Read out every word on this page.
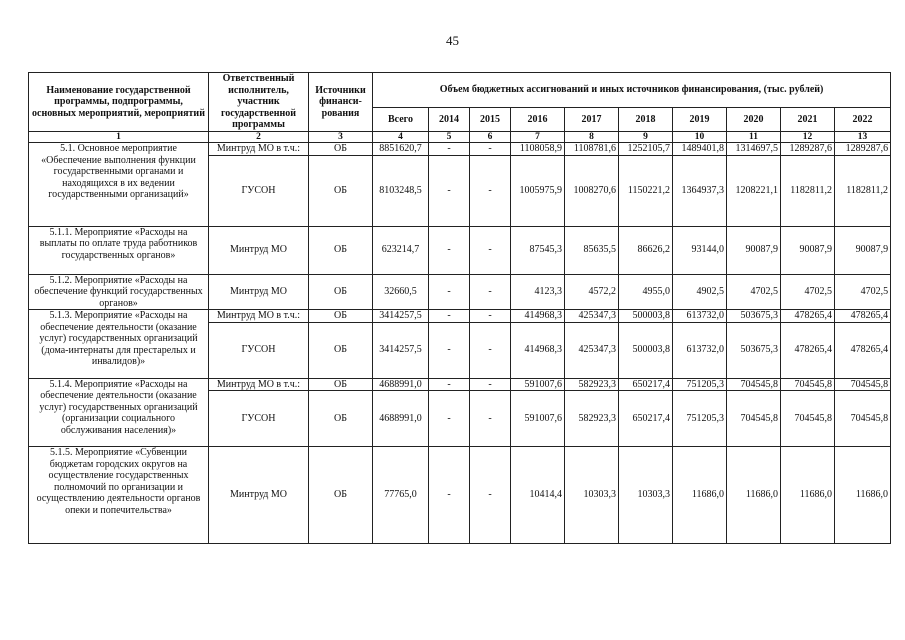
45
Наименование государственной программы, подпрограммы, основных мероприятий, мероприятий	Ответственный исполнитель, участник государственной программы	Источники финанси-рования	Объем бюджетных ассигнований и иных источников финансирования, (тыс. рублей)									
			Всего	2014	2015	2016	2017	2018	2019	2020	2021	2022
1	2	3	4	5	6	7	8	9	10	11	12	13
5.1. Основное мероприятие «Обеспечение выполнения функции государственными органами и находящихся в их ведении государственными организаций»	Минтруд МО в т.ч.:	ОБ	8851620,7	-	-	1108058,9	1108781,6	1252105,7	1489401,8	1314697,5	1289287,6	1289287,6
	ГУСОН	ОБ	8103248,5	-	-	1005975,9	1008270,6	1150221,2	1364937,3	1208221,1	1182811,2	1182811,2
5.1.1. Мероприятие «Расходы на выплаты по оплате труда работников государственных органов»	Минтруд МО	ОБ	623214,7	-	-	87545,3	85635,5	86626,2	93144,0	90087,9	90087,9	90087,9
5.1.2. Мероприятие «Расходы на обеспечение функций государственных органов»	Минтруд МО	ОБ	32660,5	-	-	4123,3	4572,2	4955,0	4902,5	4702,5	4702,5	4702,5
5.1.3. Мероприятие «Расходы на обеспечение деятельности (оказание услуг) государственных организаций (дома-интернаты для престарелых и инвалидов)»	Минтруд МО в т.ч.:	ОБ	3414257,5	-	-	414968,3	425347,3	500003,8	613732,0	503675,3	478265,4	478265,4
	ГУСОН	ОБ	3414257,5	-	-	414968,3	425347,3	500003,8	613732,0	503675,3	478265,4	478265,4
5.1.4. Мероприятие «Расходы на обеспечение деятельности (оказание услуг) государственных организаций (организации социального обслуживания населения)»	Минтруд МО в т.ч.:	ОБ	4688991,0	-	-	591007,6	582923,3	650217,4	751205,3	704545,8	704545,8	704545,8
	ГУСОН	ОБ	4688991,0	-	-	591007,6	582923,3	650217,4	751205,3	704545,8	704545,8	704545,8
5.1.5. Мероприятие «Субвенции бюджетам городских округов на осуществление государственных полномочий по организации и осуществлению деятельности органов опеки и попечительства»	Минтруд МО	ОБ	77765,0	-	-	10414,4	10303,3	10303,3	11686,0	11686,0	11686,0	11686,0
